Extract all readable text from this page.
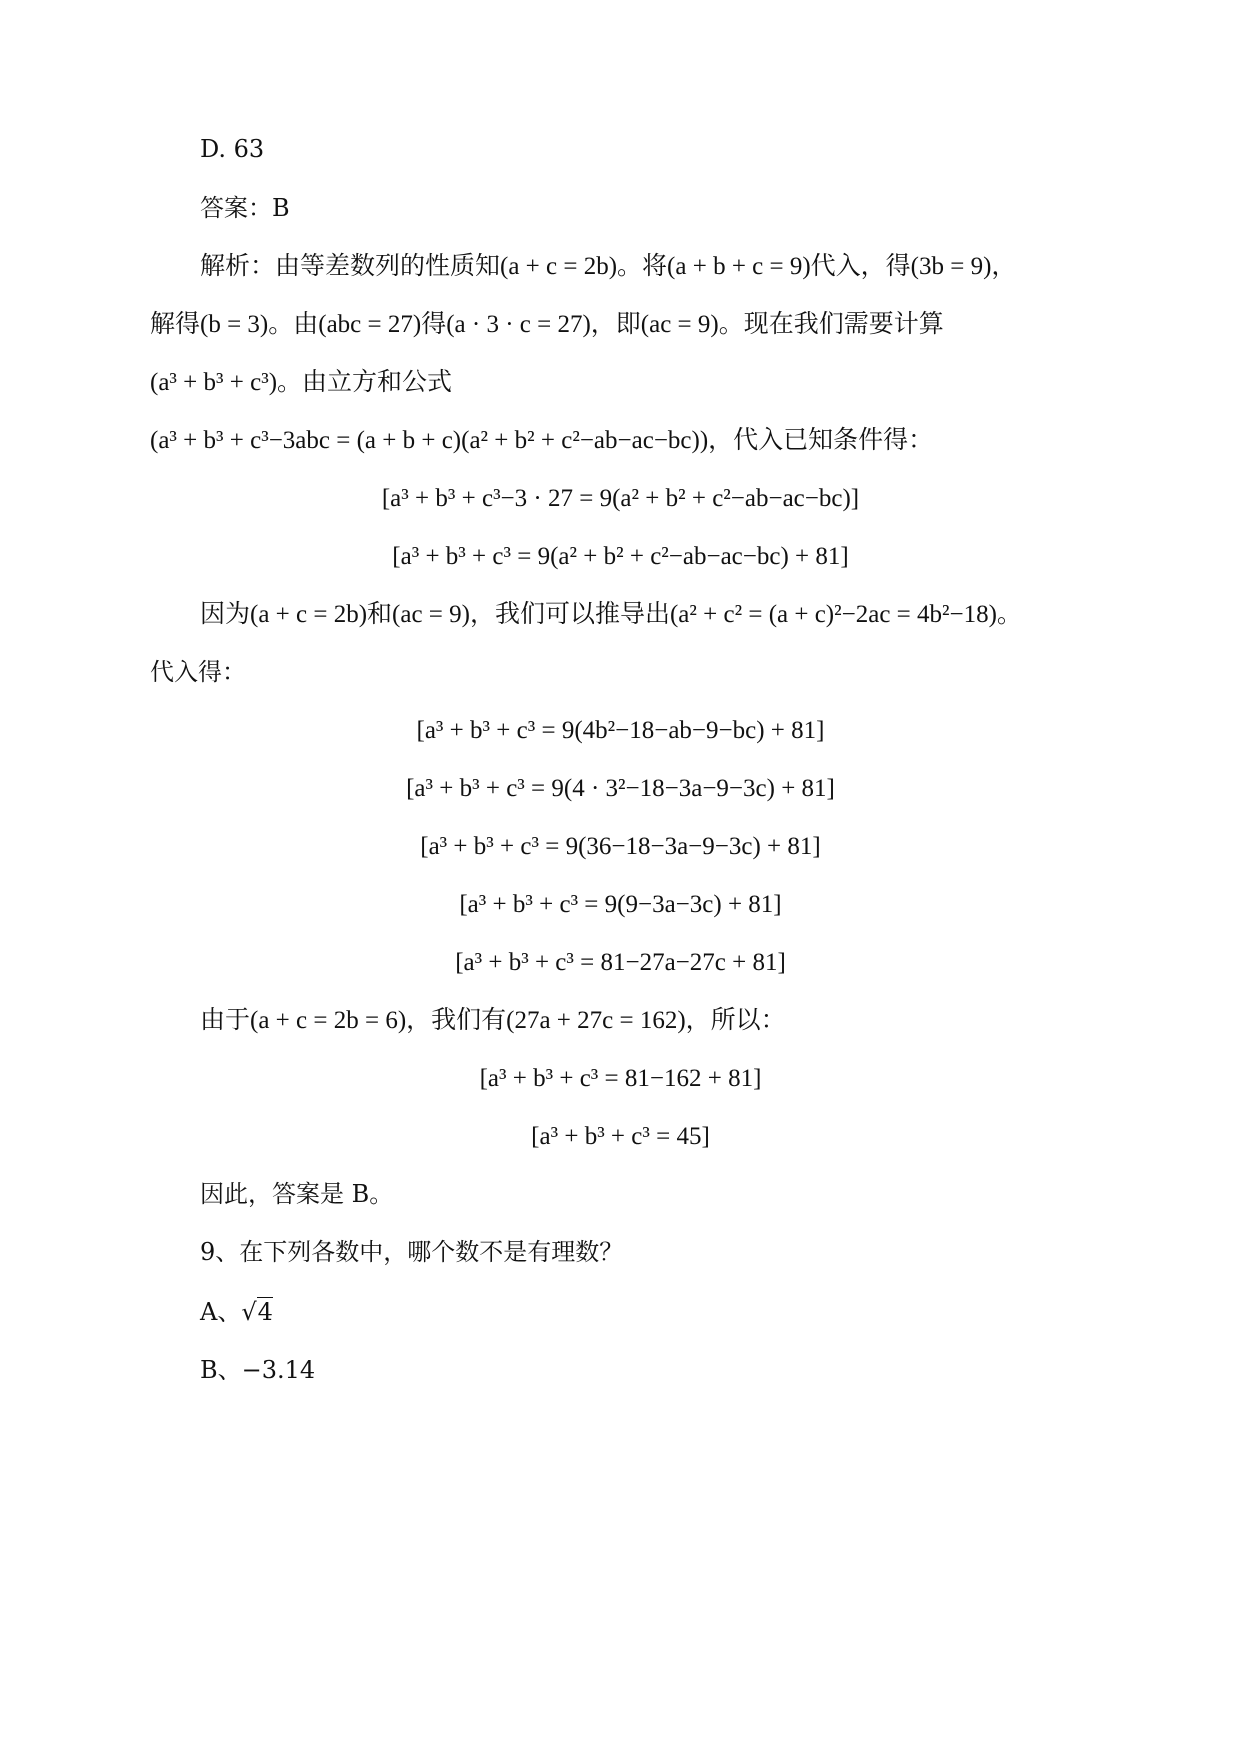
D. 63
答案：B
解析：由等差数列的性质知(a + c = 2b)。将(a + b + c = 9)代入，得(3b = 9)，
解得(b = 3)。由(abc = 27)得(a · 3 · c = 27)，即(ac = 9)。现在我们需要计算
(a³ + b³ + c³)。由立方和公式
(a³ + b³ + c³−3abc = (a + b + c)(a² + b² + c²−ab−ac−bc))，代入已知条件得：
[a³ + b³ + c³−3 · 27 = 9(a² + b² + c²−ab−ac−bc)]
[a³ + b³ + c³ = 9(a² + b² + c²−ab−ac−bc) + 81]
因为(a + c = 2b)和(ac = 9)，我们可以推导出(a² + c² = (a + c)²−2ac = 4b²−18)。
代入得：
[a³ + b³ + c³ = 9(4b²−18−ab−9−bc) + 81]
[a³ + b³ + c³ = 9(4 · 3²−18−3a−9−3c) + 81]
[a³ + b³ + c³ = 9(36−18−3a−9−3c) + 81]
[a³ + b³ + c³ = 9(9−3a−3c) + 81]
[a³ + b³ + c³ = 81−27a−27c + 81]
由于(a + c = 2b = 6)，我们有(27a + 27c = 162)，所以：
[a³ + b³ + c³ = 81−162 + 81]
[a³ + b³ + c³ = 45]
因此，答案是 B。
9、在下列各数中，哪个数不是有理数？
A、√4
B、−3.14
